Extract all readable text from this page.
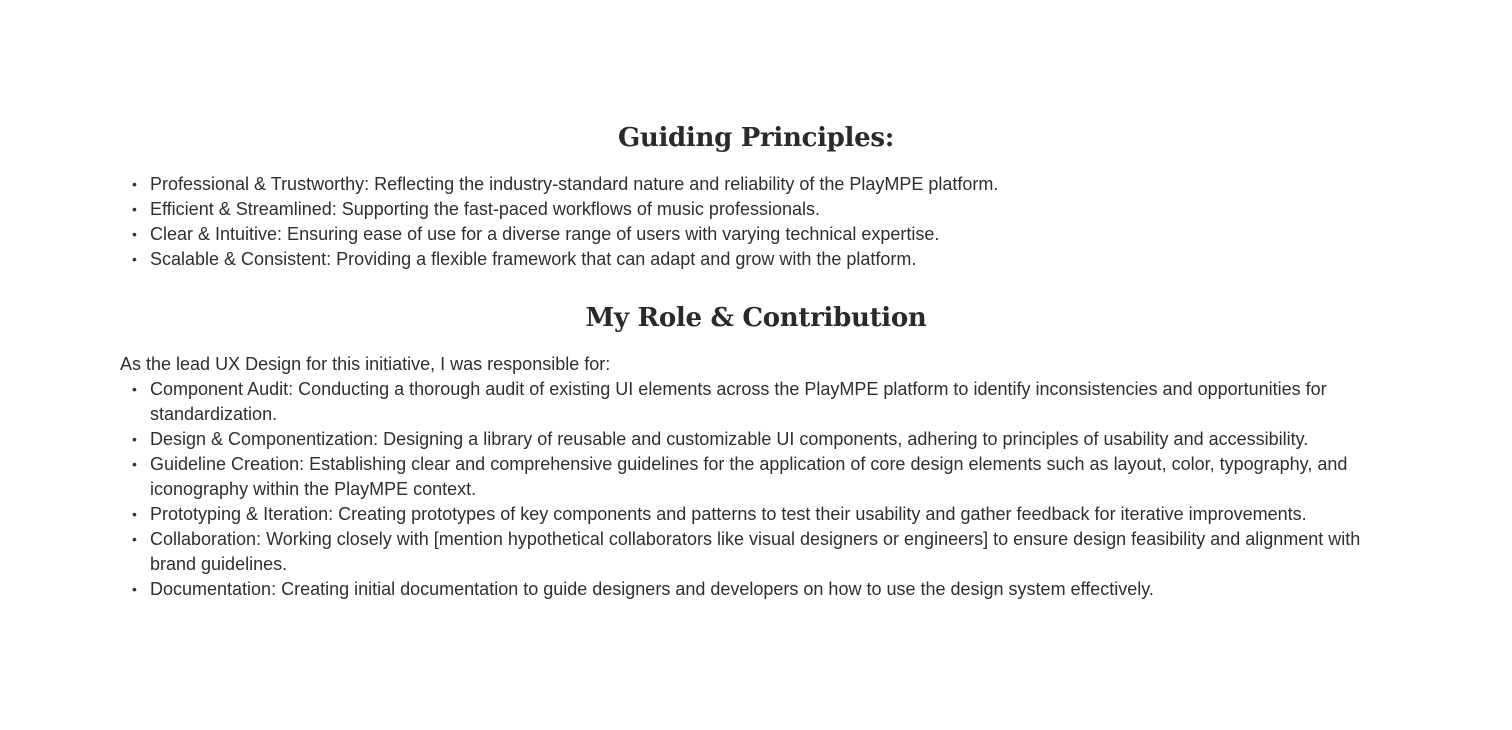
Guiding Principles:
• Professional & Trustworthy: Reflecting the industry-standard nature and reliability of the PlayMPE platform.
• Efficient & Streamlined: Supporting the fast-paced workflows of music professionals.
• Clear & Intuitive: Ensuring ease of use for a diverse range of users with varying technical expertise.
• Scalable & Consistent: Providing a flexible framework that can adapt and grow with the platform.
My Role & Contribution

As the lead UX Design for this initiative, I was responsible for:

• Component Audit: Conducting a thorough audit of existing UI elements across the PlayMPE platform to identify inconsistencies and opportunities for standardization.
• Design & Componentization: Designing a library of reusable and customizable UI components, adhering to principles of usability and accessibility.
• Guideline Creation: Establishing clear and comprehensive guidelines for the application of core design elements such as layout, color, typography, and iconography within the PlayMPE context.
• Prototyping & Iteration: Creating prototypes of key components and patterns to test their usability and gather feedback for iterative improvements.
• Collaboration: Working closely with [mention hypothetical collaborators like visual designers or engineers] to ensure design feasibility and alignment with brand guidelines.
• Documentation: Creating initial documentation to guide designers and developers on how to use the design system effectively.
